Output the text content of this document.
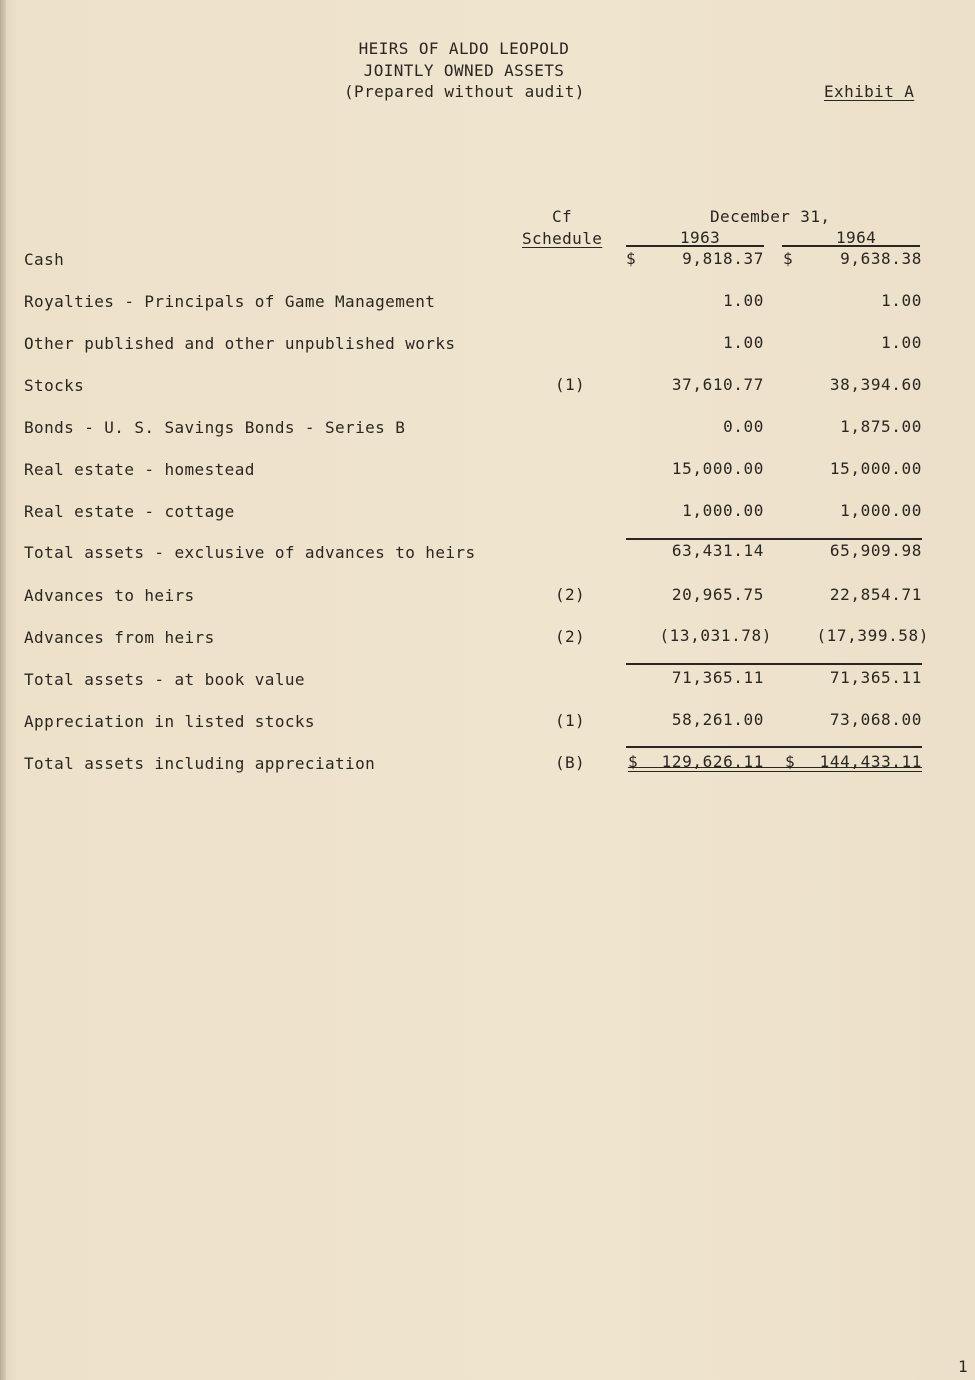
HEIRS OF ALDO LEOPOLD
JOINTLY OWNED ASSETS
(Prepared without audit)	Exhibit A
Cf
Schedule
December 31,
1963	1964
Cash	$	9,818.37 $	9,638.38
Royalties - Principals of Game Management	1.00	1.00
Other published and other unpublished works	1.00	1.00
Stocks	(1)	37,610.77	38,394.60
Bonds - U. S. Savings Bonds - Series B	0.00	1,875.00
Real estate - homestead	15,000.00	15,000.00
Real estate - cottage	1,000.00	1,000.00
Total assets - exclusive of advances to heirs	63,431.14	65,909.98
Advances to heirs	(2)	20,965.75	22,854.71
Advances from heirs	(2)	(13,031.78)	(17,399.58)
Total assets - at book value	71,365.11	71,365.11
Appreciation in listed stocks	(1)	58,261.00	73,068.00
Total assets including appreciation	(B)	$ 129,626.11 $ 144,433.11
1
